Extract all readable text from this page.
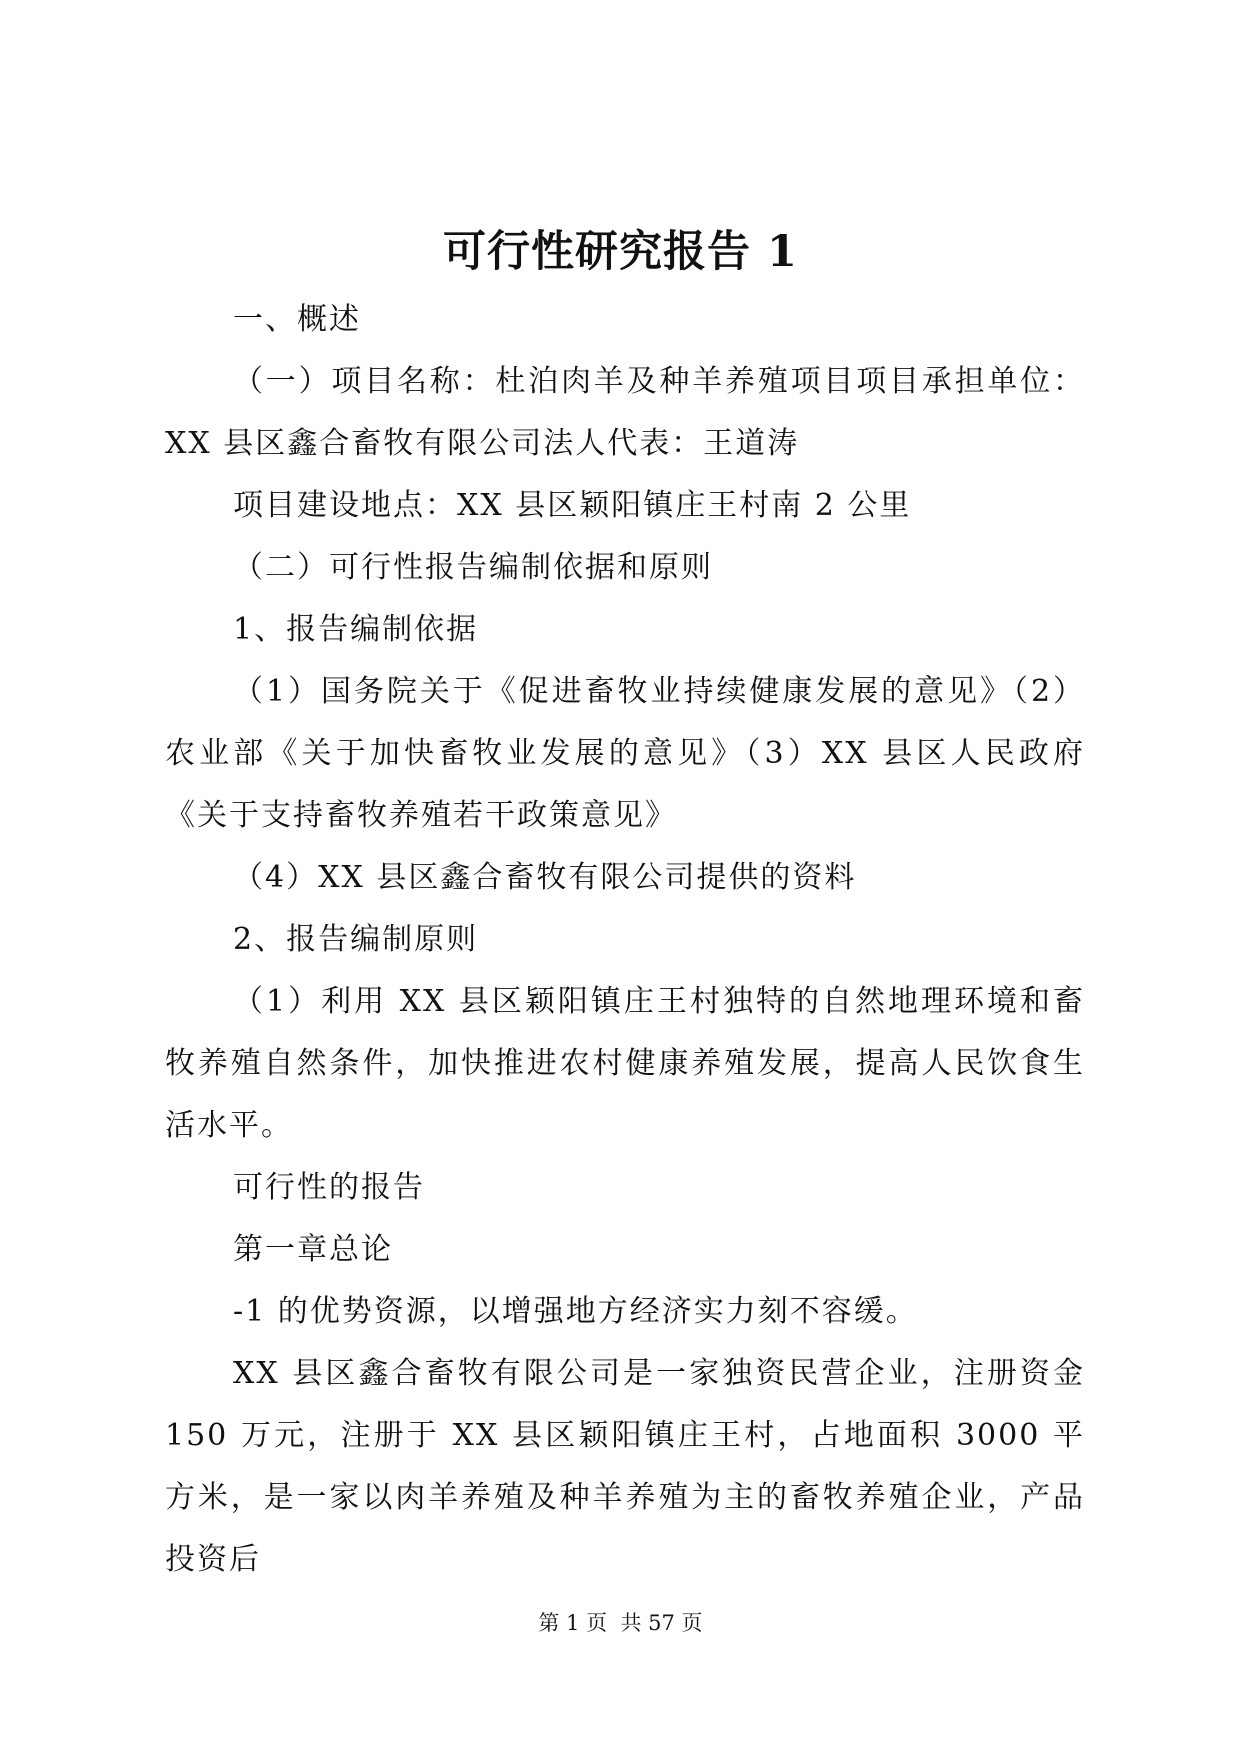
可行性研究报告 1

一、概述

（一）项目名称：杜泊肉羊及种羊养殖项目项目承担单位：XX 县区鑫合畜牧有限公司法人代表：王道涛

项目建设地点：XX 县区颖阳镇庄王村南 2 公里

（二）可行性报告编制依据和原则

1、报告编制依据

（1）国务院关于《促进畜牧业持续健康发展的意见》（2）农业部《关于加快畜牧业发展的意见》（3）XX 县区人民政府《关于支持畜牧养殖若干政策意见》

（4）XX 县区鑫合畜牧有限公司提供的资料

2、报告编制原则

（1）利用 XX 县区颖阳镇庄王村独特的自然地理环境和畜牧养殖自然条件，加快推进农村健康养殖发展，提高人民饮食生活水平。

可行性的报告

第一章总论

-1 的优势资源，以增强地方经济实力刻不容缓。

XX 县区鑫合畜牧有限公司是一家独资民营企业，注册资金 150 万元，注册于 XX 县区颖阳镇庄王村，占地面积 3000 平方米，是一家以肉羊养殖及种羊养殖为主的畜牧养殖企业，产品投资后

第 1 页  共 57 页
